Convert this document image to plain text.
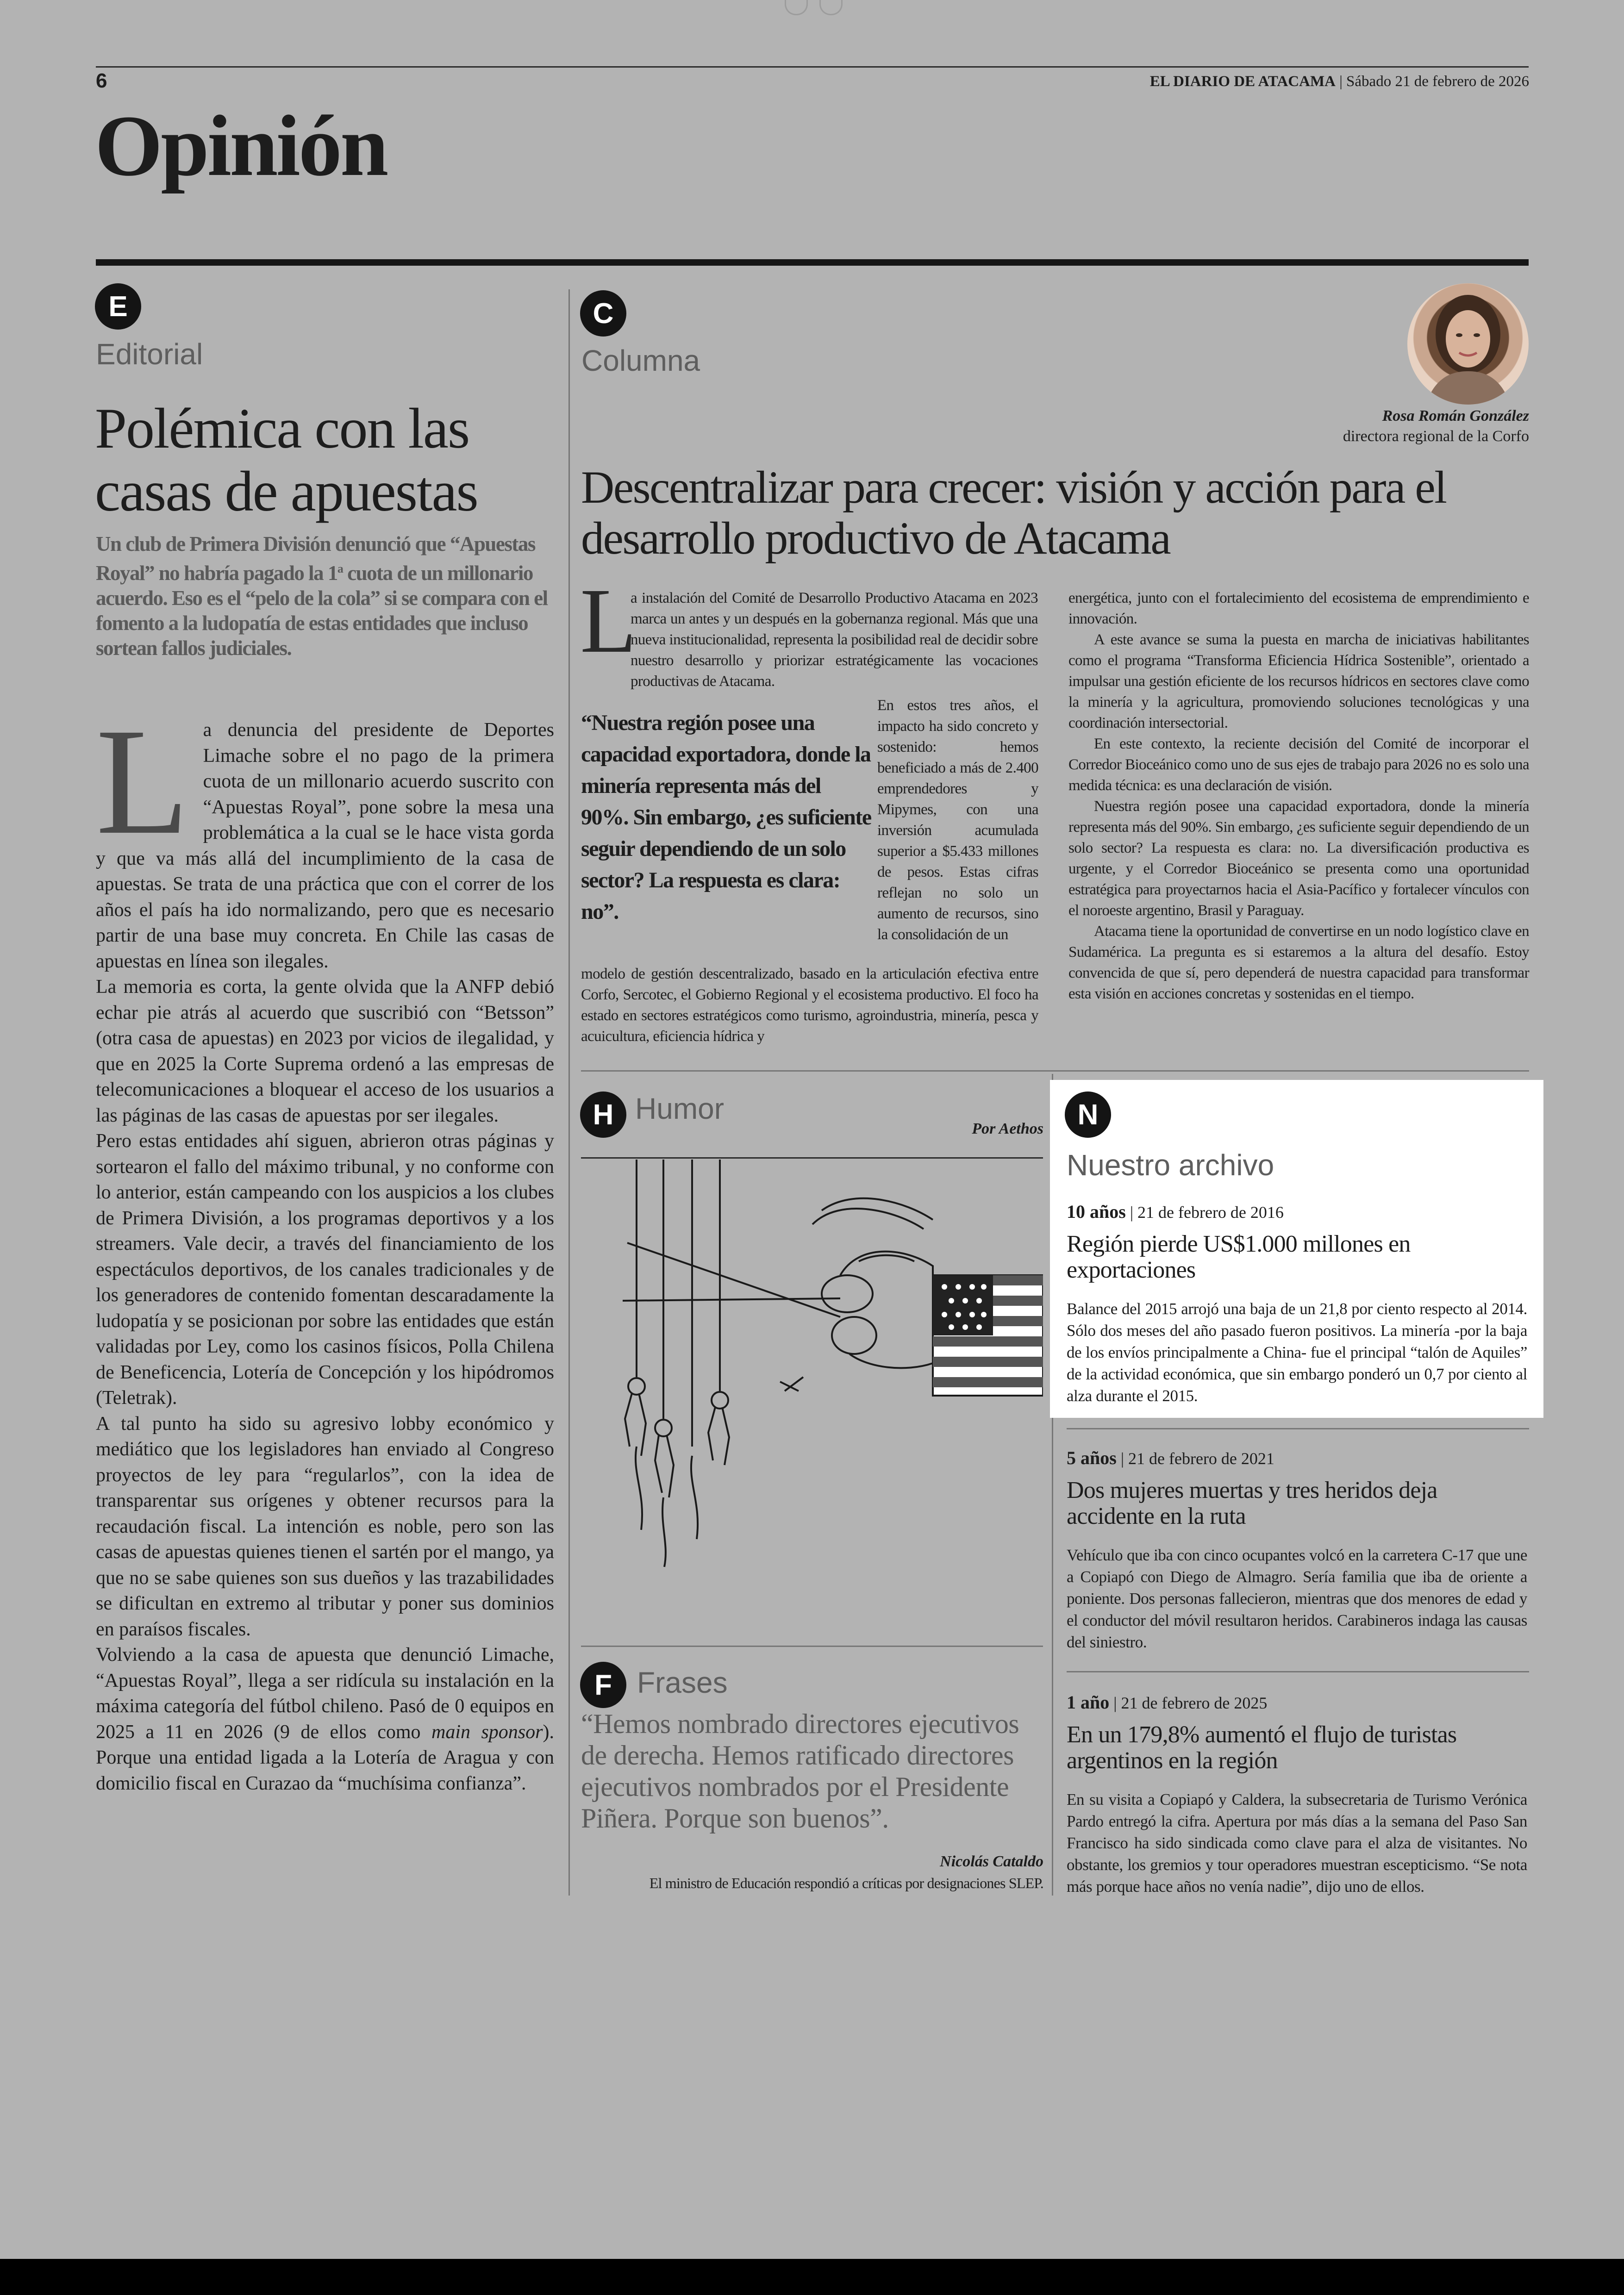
6	EL DIARIO DE ATACAMA | Sábado 21 de febrero de 2026
Opinión
E
Editorial
Polémica con las casas de apuestas
Un club de Primera División denunció que “Apuestas Royal” no habría pagado la 1$^a$ cuota de un millonario acuerdo. Eso es el “pelo de la cola” si se compara con el fomento a la ludopatía de estas entidades que incluso sortean fallos judiciales.
L a denuncia del presidente de Deportes Limache sobre el no pago de la primera cuota de un millonario acuerdo suscrito con “Apuestas Royal”, pone sobre la mesa una problemática a la cual se le hace vista gorda y que va más allá del incumplimiento de la casa de apuestas. Se trata de una práctica que con el correr de los años el país ha ido normalizando, pero que es necesario partir de una base muy concreta. En Chile las casas de apuestas en línea son ilegales.

La memoria es corta, la gente olvida que la ANFP debió echar pie atrás al acuerdo que suscribió con “Betsson” (otra casa de apuestas) en 2023 por vicios de ilegalidad, y que en 2025 la Corte Suprema ordenó a las empresas de telecomunicaciones a bloquear el acceso de los usuarios a las páginas de las casas de apuestas por ser ilegales.

Pero estas entidades ahí siguen, abrieron otras páginas y sortearon el fallo del máximo tribunal, y no conforme con lo anterior, están campeando con los auspicios a los clubes de Primera División, a los programas deportivos y a los streamers. Vale decir, a través del financiamiento de los espectáculos deportivos, de los canales tradicionales y de los generadores de contenido fomentan descaradamente la ludopatía y se posicionan por sobre las entidades que están validadas por Ley, como los casinos físicos, Polla Chilena de Beneficencia, Lotería de Concepción y los hipódromos (Teletrak).

A tal punto ha sido su agresivo lobby económico y mediático que los legisladores han enviado al Congreso proyectos de ley para “regularlos”, con la idea de transparentar sus orígenes y obtener recursos para la recaudación fiscal. La intención es noble, pero son las casas de apuestas quienes tienen el sartén por el mango, ya que no se sabe quienes son sus dueños y las trazabilidades se dificultan en extremo al tributar y poner sus dominios en paraísos fiscales.

Volviendo a la casa de apuesta que denunció Limache, “Apuestas Royal”, llega a ser ridícula su instalación en la máxima categoría del fútbol chileno. Pasó de 0 equipos en 2025 a 11 en 2026 (9 de ellos como main sponsor). Porque una entidad ligada a la Lotería de Aragua y con domicilio fiscal en Curazao da “muchísima confianza”.

C
Columna
Rosa Román González
directora regional de la Corfo
Descentralizar para crecer: visión y acción para el desarrollo productivo de Atacama
L
a instalación del Comité de Desarrollo Productivo Atacama en 2023 marca un antes y un después en la gobernanza regional. Más que una nueva institucionalidad, representa la posibilidad real de decidir sobre nuestro desarrollo y priorizar estratégicamente las vocaciones productivas de Atacama.
“Nuestra región posee una capacidad exportadora, donde la minería representa más del 90%. Sin embargo, ¿es suficiente seguir dependiendo de un solo sector? La respuesta es clara: no”.
En estos tres años, el impacto ha sido concreto y sostenido: hemos beneficiado a más de 2.400 emprendedores y Mipymes, con una inversión acumulada superior a $5.433 millones de pesos. Estas cifras reflejan no solo un aumento de recursos, sino la consolidación de un
modelo de gestión descentralizado, basado en la articulación efectiva entre Corfo, Sercotec, el Gobierno Regional y el ecosistema productivo. El foco ha estado en sectores estratégicos como turismo, agroindustria, minería, pesca y acuicultura, eficiencia hídrica y

energética, junto con el fortalecimiento del ecosistema de emprendimiento e innovación.

A este avance se suma la puesta en marcha de iniciativas habilitantes como el programa “Transforma Eficiencia Hídrica Sostenible”, orientado a impulsar una gestión eficiente de los recursos hídricos en sectores clave como la minería y la agricultura, promoviendo soluciones tecnológicas y una coordinación intersectorial.

En este contexto, la reciente decisión del Comité de incorporar el Corredor Bioceánico como uno de sus ejes de trabajo para 2026 no es solo una medida técnica: es una declaración de visión.

Nuestra región posee una capacidad exportadora, donde la minería representa más del 90%. Sin embargo, ¿es suficiente seguir dependiendo de un solo sector? La respuesta es clara: no. La diversificación productiva es urgente, y el Corredor Bioceánico se presenta como una oportunidad estratégica para proyectarnos hacia el Asia-Pacífico y fortalecer vínculos con el noroeste argentino, Brasil y Paraguay.

Atacama tiene la oportunidad de convertirse en un nodo logístico clave en Sudamérica. La pregunta es si estaremos a la altura del desafío. Estoy convencida de que sí, pero dependerá de nuestra capacidad para transformar esta visión en acciones concretas y sostenidas en el tiempo.

H Humor
Por Aethos
F Frases
“Hemos nombrado directores ejecutivos de derecha. Hemos ratificado directores ejecutivos nombrados por el Presidente Piñera. Porque son buenos”.
Nicolás Cataldo
El ministro de Educación respondió a críticas por designaciones SLEP.
N
Nuestro archivo
10 años | 21 de febrero de 2016
Región pierde US$1.000 millones en exportaciones
Balance del 2015 arrojó una baja de un 21,8 por ciento respecto al 2014. Sólo dos meses del año pasado fueron positivos. La minería -por la baja de los envíos principalmente a China- fue el principal “talón de Aquiles” de la actividad económica, que sin embargo ponderó un 0,7 por ciento al alza durante el 2015.
5 años | 21 de febrero de 2021
Dos mujeres muertas y tres heridos deja accidente en la ruta
Vehículo que iba con cinco ocupantes volcó en la carretera C-17 que une a Copiapó con Diego de Almagro. Sería familia que iba de oriente a poniente. Dos personas fallecieron, mientras que dos menores de edad y el conductor del móvil resultaron heridos. Carabineros indaga las causas del siniestro.
1 año | 21 de febrero de 2025
En un 179,8% aumentó el flujo de turistas argentinos en la región
En su visita a Copiapó y Caldera, la subsecretaria de Turismo Verónica Pardo entregó la cifra. Apertura por más días a la semana del Paso San Francisco ha sido sindicada como clave para el alza de visitantes. No obstante, los gremios y tour operadores muestran escepticismo. “Se nota más porque hace años no venía nadie”, dijo uno de ellos.
